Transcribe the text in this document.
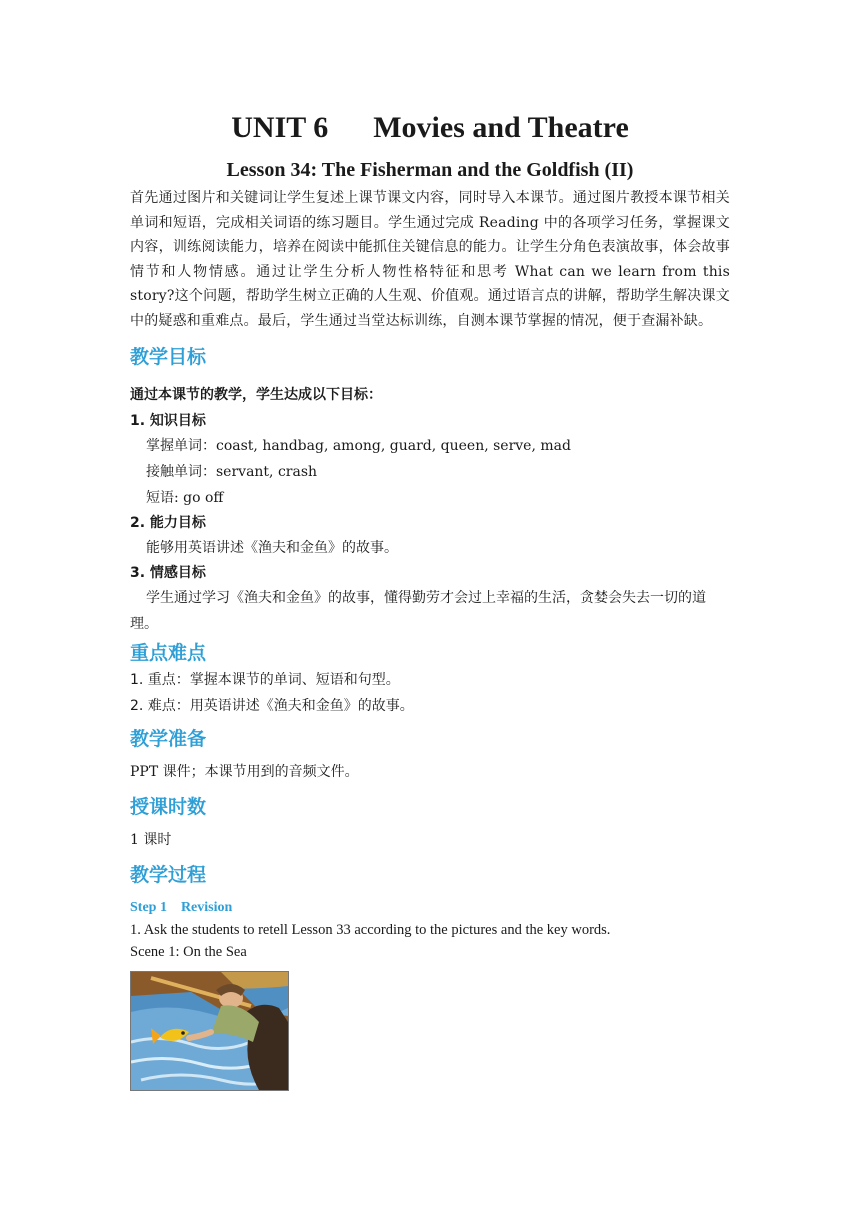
UNIT 6      Movies and Theatre
Lesson 34: The Fisherman and the Goldfish (II)

首先通过图片和关键词让学生复述上课节课文内容，同时导入本课节。通过图片教授本课节相关单词和短语，完成相关词语的练习题目。学生通过完成 Reading 中的各项学习任务，掌握课文内容，训练阅读能力，培养在阅读中能抓住关键信息的能力。让学生分角色表演故事，体会故事情节和人物情感。通过让学生分析人物性格特征和思考 What can we learn from this story?这个问题，帮助学生树立正确的人生观、价值观。通过语言点的讲解，帮助学生解决课文中的疑惑和重难点。最后，学生通过当堂达标训练，自测本课节掌握的情况，便于查漏补缺。

教学目标

通过本课节的教学，学生达成以下目标：

1. 知识目标

掌握单词：coast, handbag, among, guard, queen, serve, mad

接触单词：servant, crash

短语: go off

2. 能力目标

能够用英语讲述《渔夫和金鱼》的故事。

3. 情感目标

学生通过学习《渔夫和金鱼》的故事，懂得勤劳才会过上幸福的生活，贪婪会失去一切的道理。

重点难点

1. 重点：掌握本课节的单词、短语和句型。

2. 难点：用英语讲述《渔夫和金鱼》的故事。

教学准备

PPT 课件；本课节用到的音频文件。

授课时数

1 课时

教学过程

Step 1    Revision

1. Ask the students to retell Lesson 33 according to the pictures and the key words.

Scene 1: On the Sea
